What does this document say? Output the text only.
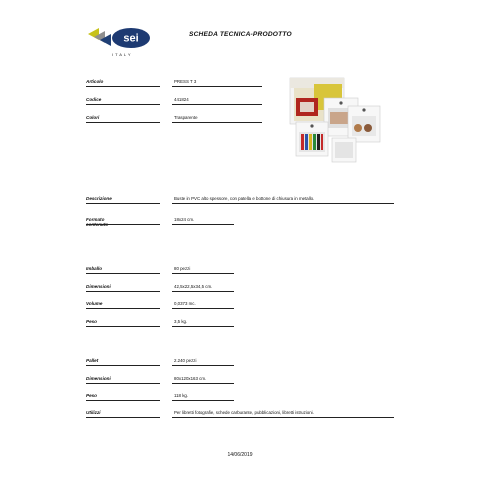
sei
ITALY
SCHEDA TECNICA-PRODOTTO
Articolo	PRESS T 3
Codice	441824
Colori	Trasparente
Descrizione	Buste in PVC alto spessore, con patella e bottone di chiusura in metallo.
Formato	18x24 cm.
Imballo	80 pezzi
Dimensioni	42,5x22,5x34,5 cm.
Volume	0,0373 mc.
Peso	3,5 kg.
Pallet	2.240 pezzi
Dimensioni	80x120x163 cm.
Peso	118 kg.
Utilizzi	Per libretti fotografie, schede carburante, pubblicazioni, libretti istruzioni.
14/06/2019
